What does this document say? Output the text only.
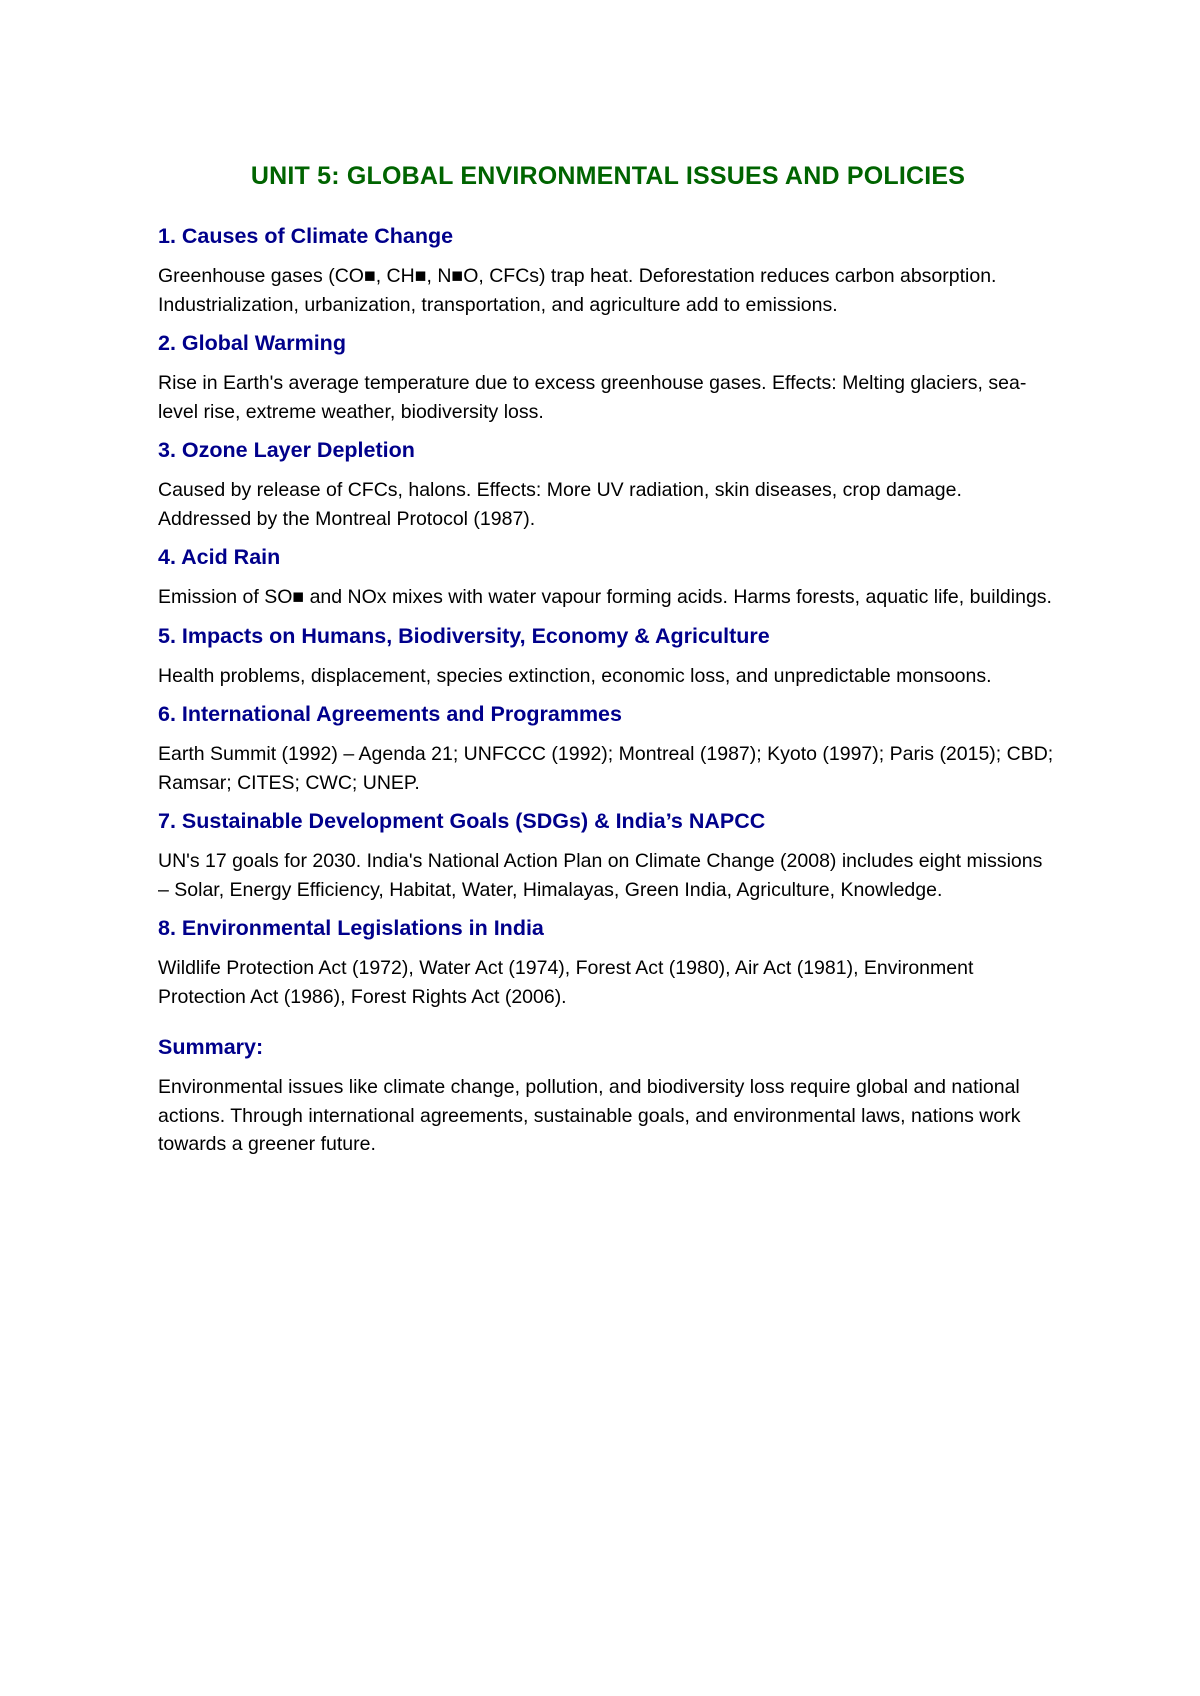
UNIT 5: GLOBAL ENVIRONMENTAL ISSUES AND POLICIES
1. Causes of Climate Change

Greenhouse gases (CO■, CH■, N■O, CFCs) trap heat. Deforestation reduces carbon absorption. Industrialization, urbanization, transportation, and agriculture add to emissions.

2. Global Warming

Rise in Earth's average temperature due to excess greenhouse gases. Effects: Melting glaciers, sea-level rise, extreme weather, biodiversity loss.

3. Ozone Layer Depletion

Caused by release of CFCs, halons. Effects: More UV radiation, skin diseases, crop damage. Addressed by the Montreal Protocol (1987).

4. Acid Rain

Emission of SO■ and NOx mixes with water vapour forming acids. Harms forests, aquatic life, buildings.

5. Impacts on Humans, Biodiversity, Economy & Agriculture

Health problems, displacement, species extinction, economic loss, and unpredictable monsoons.

6. International Agreements and Programmes

Earth Summit (1992) – Agenda 21; UNFCCC (1992); Montreal (1987); Kyoto (1997); Paris (2015); CBD; Ramsar; CITES; CWC; UNEP.

7. Sustainable Development Goals (SDGs) & India’s NAPCC

UN's 17 goals for 2030. India's National Action Plan on Climate Change (2008) includes eight missions – Solar, Energy Efficiency, Habitat, Water, Himalayas, Green India, Agriculture, Knowledge.

8. Environmental Legislations in India

Wildlife Protection Act (1972), Water Act (1974), Forest Act (1980), Air Act (1981), Environment Protection Act (1986), Forest Rights Act (2006).

Summary:

Environmental issues like climate change, pollution, and biodiversity loss require global and national actions. Through international agreements, sustainable goals, and environmental laws, nations work towards a greener future.
